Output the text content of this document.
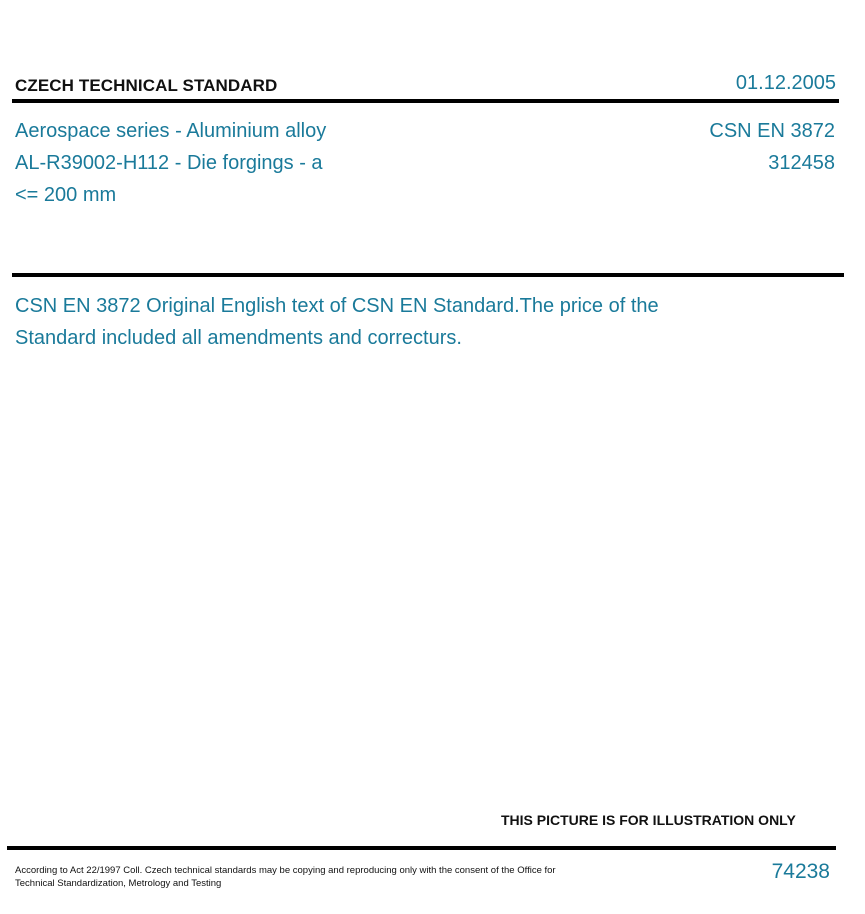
CZECH TECHNICAL STANDARD	01.12.2005
Aerospace series - Aluminium alloy AL-R39002-H112 - Die forgings - a <= 200 mm
CSN EN 3872
312458
CSN EN 3872 Original English text of CSN EN Standard.The price of the Standard included all amendments and correcturs.
THIS PICTURE IS FOR ILLUSTRATION ONLY
According to Act 22/1997 Coll. Czech technical standards may be copying and reproducing only with the consent of the Office for Technical Standardization, Metrology and Testing
74238
